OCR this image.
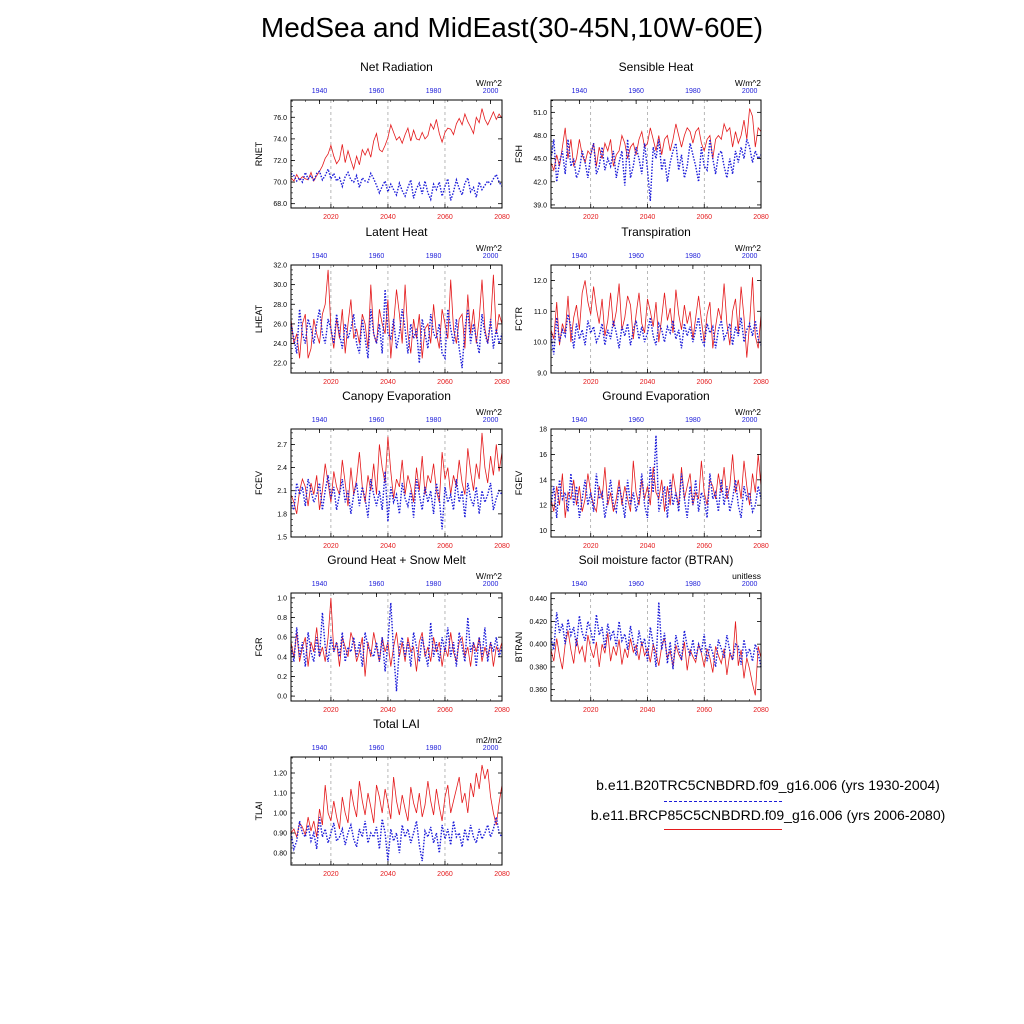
MedSea and MidEast(30-45N,10W-60E)
68.0
70.0
72.0
74.0
76.0
2020	2040	2060	2080
1940	1960	1980	2000
Net Radiation
W/m^2
RNET
39.0
42.0
45.0
48.0
51.0
2020	2040	2060	2080
1940	1960	1980	2000
Sensible Heat
W/m^2
FSH
22.0
24.0
26.0
28.0
30.0
32.0
2020	2040	2060	2080
1940	1960	1980	2000
Latent Heat
W/m^2
LHEAT
9.0
10.0
11.0
12.0
2020	2040	2060	2080
1940	1960	1980	2000
Transpiration
W/m^2
FCTR
1.5
1.8
2.1
2.4
2.7
2020	2040	2060	2080
1940	1960	1980	2000
Canopy Evaporation
W/m^2
FCEV
10
12
14
16
18
2020	2040	2060	2080
1940	1960	1980	2000
Ground Evaporation
W/m^2
FGEV
0.0
0.2
0.4
0.6
0.8
1.0
2020	2040	2060	2080
1940	1960	1980	2000
Ground Heat + Snow Melt
W/m^2
FGR
0.360
0.380
0.400
0.420
0.440
2020	2040	2060	2080
1940	1960	1980	2000
Soil moisture factor (BTRAN)
unitless
BTRAN
0.80
0.90
1.00
1.10
1.20
2020	2040	2060	2080
1940	1960	1980	2000
Total LAI
m2/m2
TLAI
b.e11.B20TRC5CNBDRD.f09_g16.006 (yrs 1930-2004)
b.e11.BRCP85C5CNBDRD.f09_g16.006 (yrs 2006-2080)
